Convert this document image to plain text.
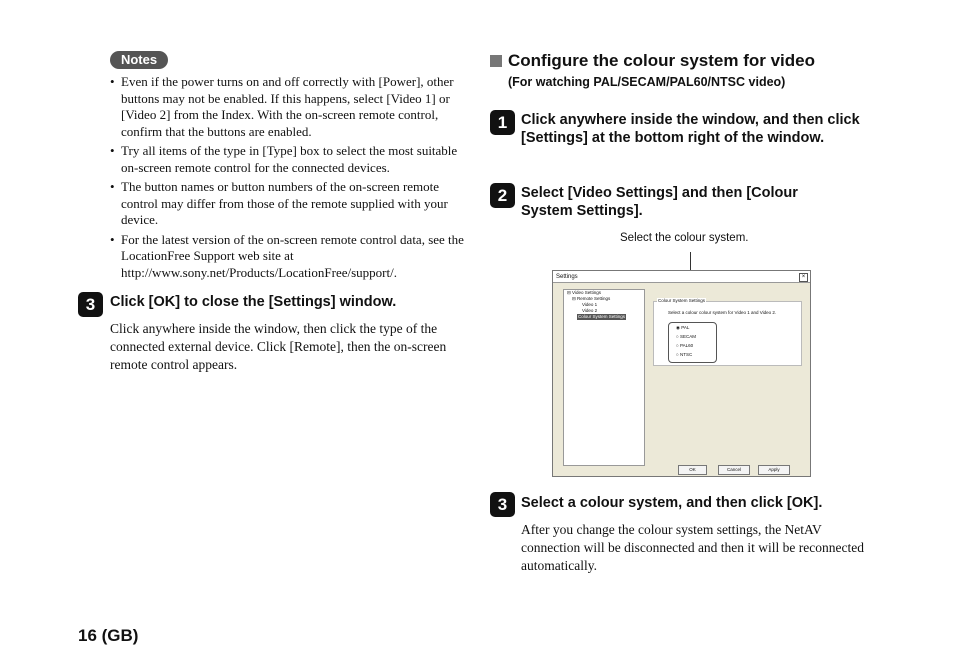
Notes
• Even if the power turns on and off correctly with [Power], other buttons may not be enabled. If this happens, select [Video 1] or [Video 2] from the Index. With the on-screen remote control, confirm that the buttons are enabled.
• Try all items of the type in [Type] box to select the most suitable on-screen remote control for the connected devices.
• The button names or button numbers of the on-screen remote control may differ from those of the remote supplied with your device.
• For the latest version of the on-screen remote control data, see the LocationFree Support web site at http://www.sony.net/Products/LocationFree/support/.
3	Click [OK] to close the [Settings] window.
Click anywhere inside the window, then click the type of the connected external device. Click [Remote], then the on-screen remote control appears.
Configure the colour system for video
(For watching PAL/SECAM/PAL60/NTSC video)
1 Click anywhere inside the window, and then click [Settings] at the bottom right of the window.
2 Select [Video Settings] and then [Colour System Settings].
Select the colour system.
Settings	×
⊟ Video Settings
⊟ Remote Settings
Video 1
Video 2
Colour System Settings
Colour System Settings
Select a colour colour system for Video 1 and Video 2.
◉ PAL
○ SECAM
○ PAL60
○ NTSC
OK	Cancel	Apply
3 Select a colour system, and then click [OK].
After you change the colour system settings, the NetAV connection will be disconnected and then it will be reconnected automatically.
16 (GB)
